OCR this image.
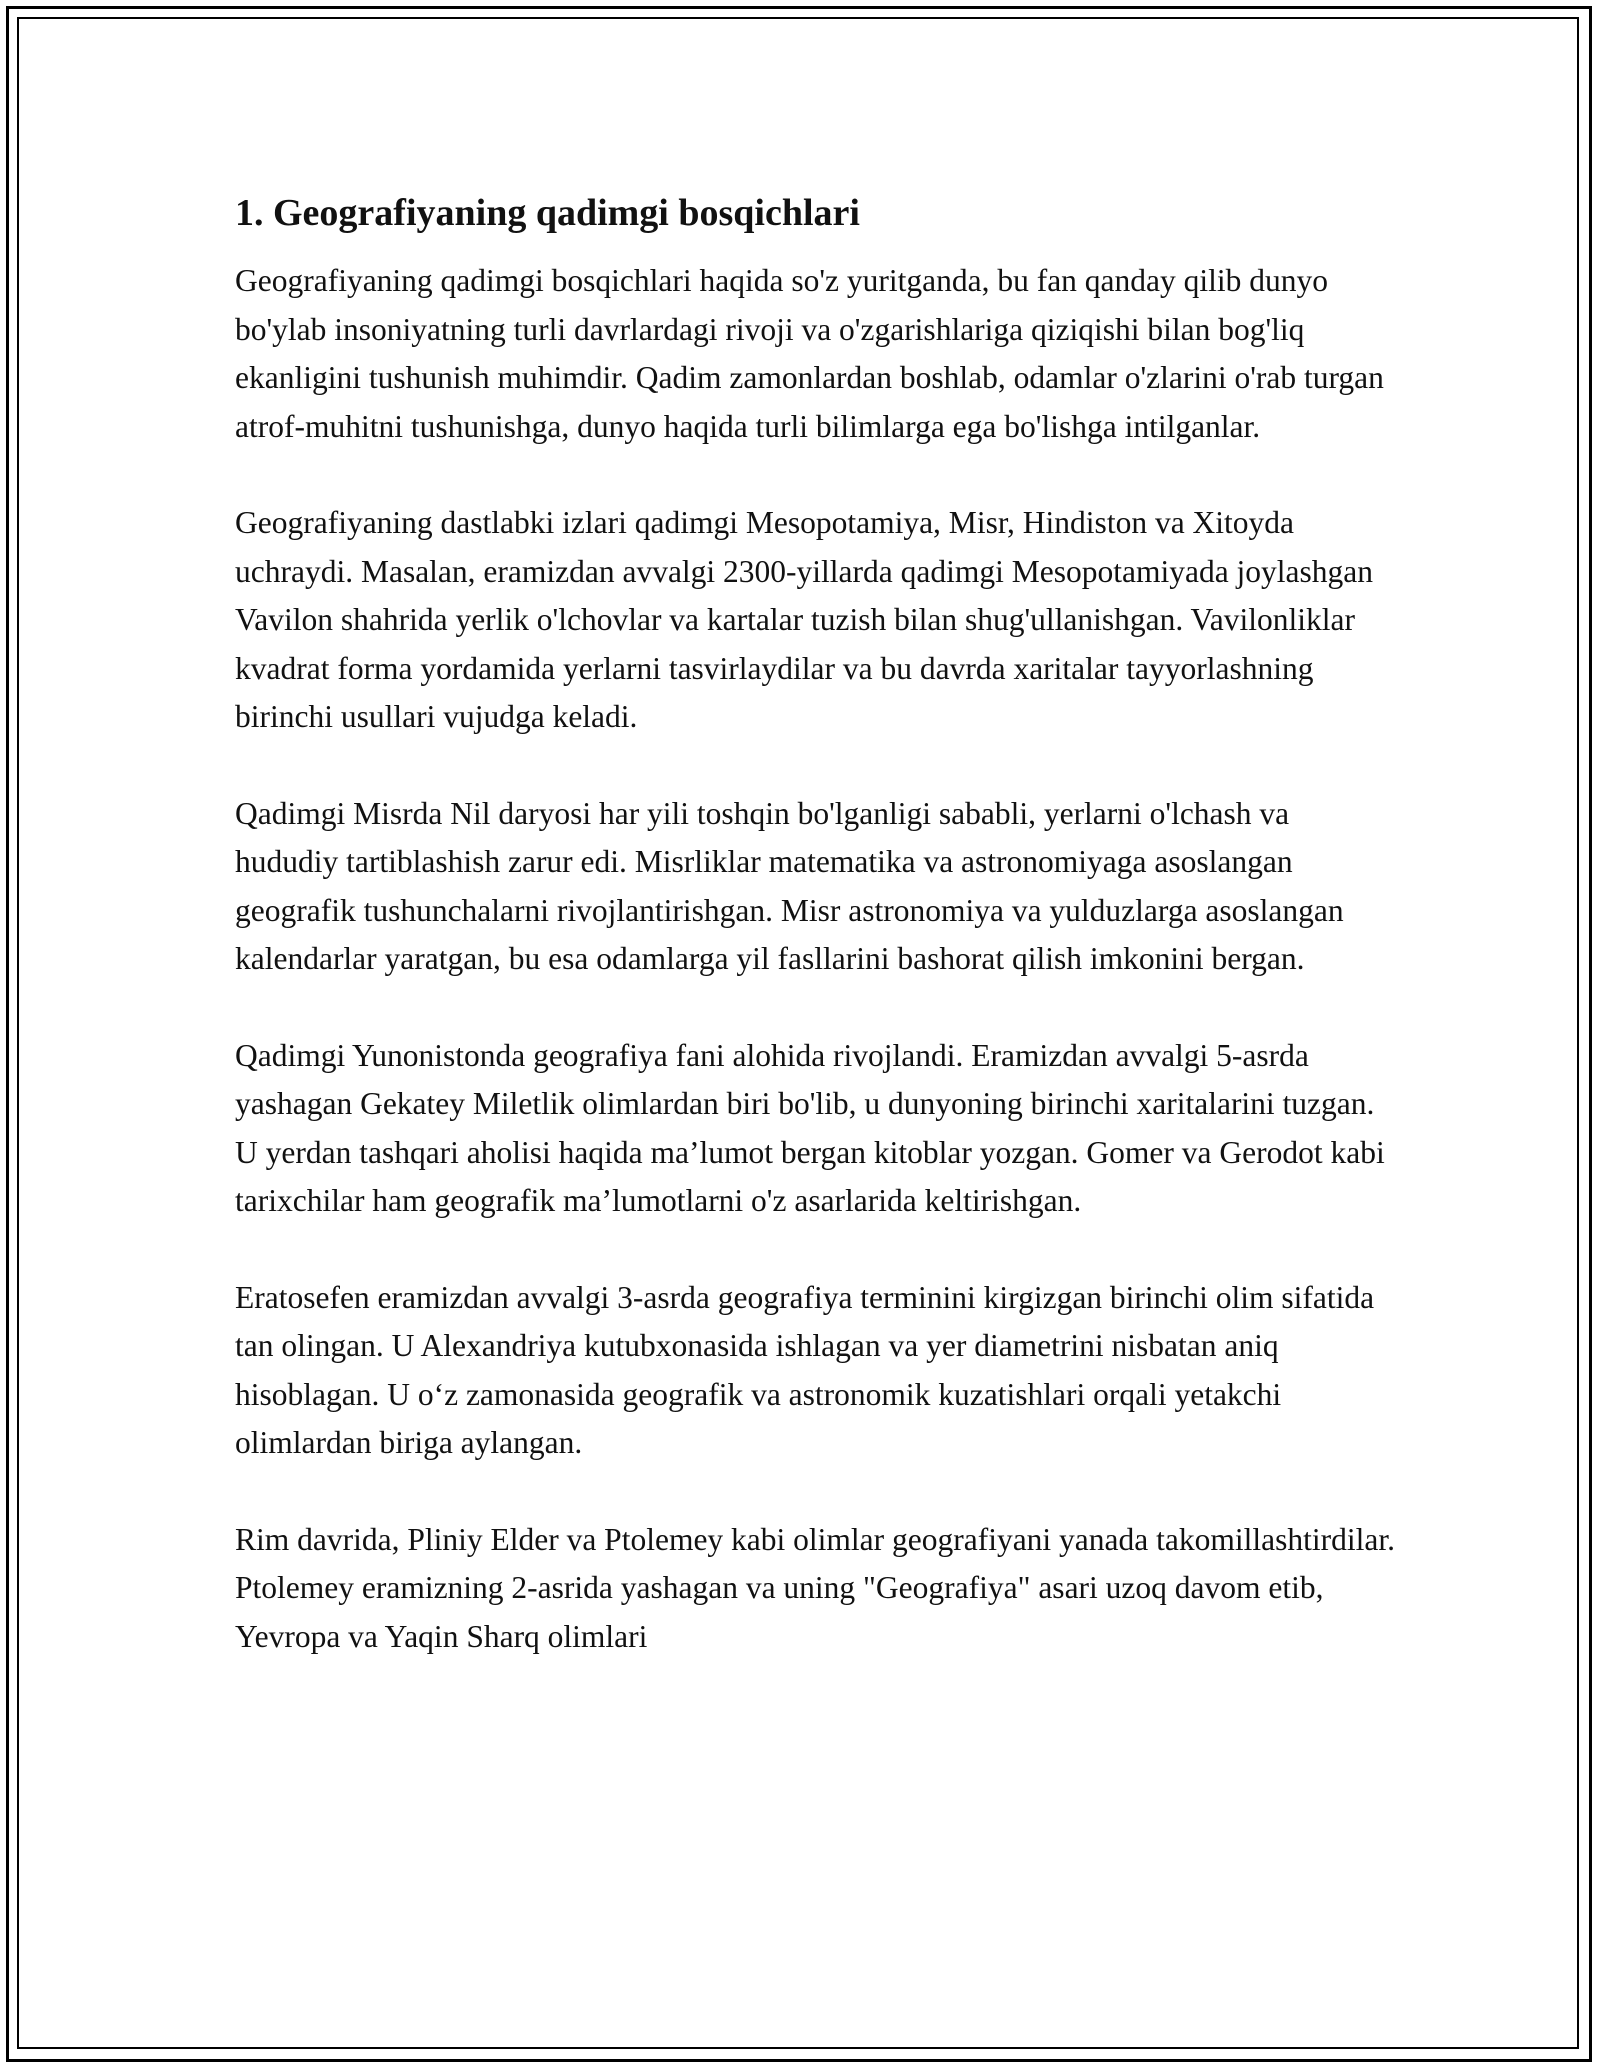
1. Geografiyaning qadimgi bosqichlari

Geografiyaning qadimgi bosqichlari haqida so'z yuritganda, bu fan qanday qilib dunyo bo'ylab insoniyatning turli davrlardagi rivoji va o'zgarishlariga qiziqishi bilan bog'liq ekanligini tushunish muhimdir. Qadim zamonlardan boshlab, odamlar o'zlarini o'rab turgan atrof-muhitni tushunishga, dunyo haqida turli bilimlarga ega bo'lishga intilganlar.

Geografiyaning dastlabki izlari qadimgi Mesopotamiya, Misr, Hindiston va Xitoyda uchraydi. Masalan, eramizdan avvalgi 2300-yillarda qadimgi Mesopotamiyada joylashgan Vavilon shahrida yerlik o'lchovlar va kartalar tuzish bilan shug'ullanishgan. Vavilonliklar kvadrat forma yordamida yerlarni tasvirlaydilar va bu davrda xaritalar tayyorlashning birinchi usullari vujudga keladi.

Qadimgi Misrda Nil daryosi har yili toshqin bo'lganligi sababli, yerlarni o'lchash va hududiy tartiblashish zarur edi. Misrliklar matematika va astronomiyaga asoslangan geografik tushunchalarni rivojlantirishgan. Misr astronomiya va yulduzlarga asoslangan kalendarlar yaratgan, bu esa odamlarga yil fasllarini bashorat qilish imkonini bergan.

Qadimgi Yunonistonda geografiya fani alohida rivojlandi. Eramizdan avvalgi 5-asrda yashagan Gekatey Miletlik olimlardan biri bo'lib, u dunyoning birinchi xaritalarini tuzgan. U yerdan tashqari aholisi haqida ma’lumot bergan kitoblar yozgan. Gomer va Gerodot kabi tarixchilar ham geografik ma’lumotlarni o'z asarlarida keltirishgan.

Eratosefen eramizdan avvalgi 3-asrda geografiya terminini kirgizgan birinchi olim sifatida tan olingan. U Alexandriya kutubxonasida ishlagan va yer diametrini nisbatan aniq hisoblagan. U o‘z zamonasida geografik va astronomik kuzatishlari orqali yetakchi olimlardan biriga aylangan.

Rim davrida, Pliniy Elder va Ptolemey kabi olimlar geografiyani yanada takomillashtirdilar. Ptolemey eramizning 2-asrida yashagan va uning "Geografiya" asari uzoq davom etib, Yevropa va Yaqin Sharq olimlari
